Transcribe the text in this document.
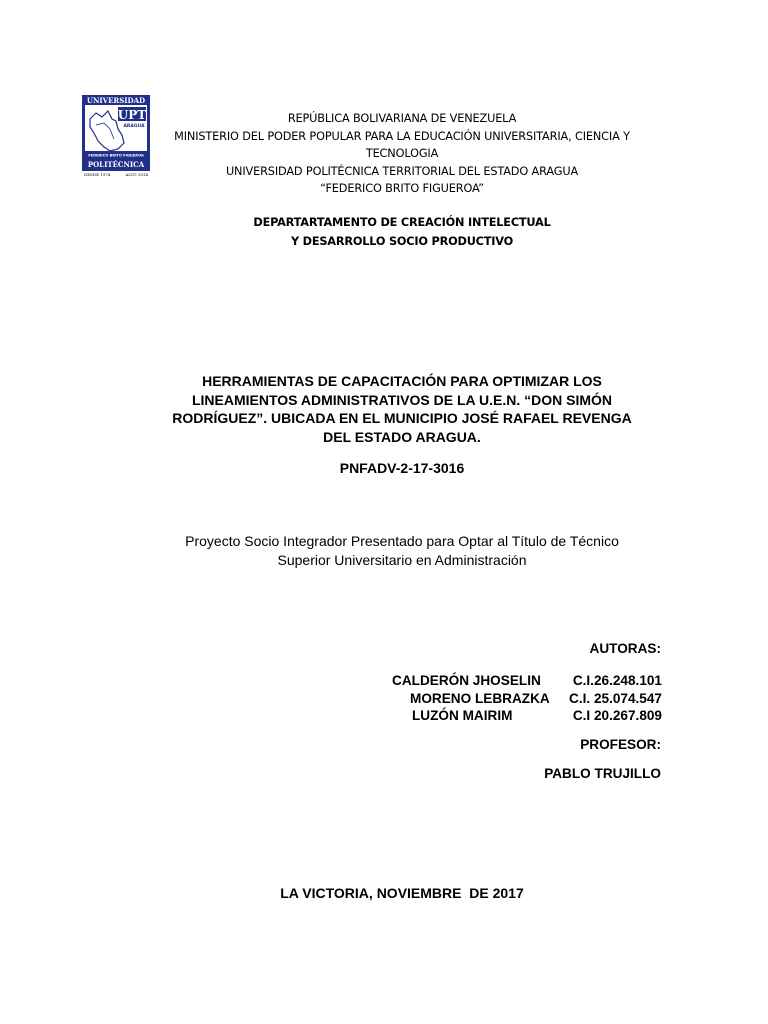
UNIVERSIDAD
UPT
ARAGUA
FEDERICO BRITO FIGUEROA
POLITÉCNICA
DESDE 1974	ALTO 2014
REPÚBLICA BOLIVARIANA DE VENEZUELA
MINISTERIO DEL PODER POPULAR PARA LA EDUCACIÓN UNIVERSITARIA, CIENCIA Y
TECNOLOGIA
UNIVERSIDAD POLITÉCNICA TERRITORIAL DEL ESTADO ARAGUA
“FEDERICO BRITO FIGUEROA”
DEPARTARTAMENTO DE CREACIÓN INTELECTUAL
Y DESARROLLO SOCIO PRODUCTIVO
HERRAMIENTAS DE CAPACITACIÓN PARA OPTIMIZAR LOS
LINEAMIENTOS ADMINISTRATIVOS DE LA U.E.N. “DON SIMÓN
RODRÍGUEZ”. UBICADA EN EL MUNICIPIO JOSÉ RAFAEL REVENGA
DEL ESTADO ARAGUA.
PNFADV-2-17-3016
Proyecto Socio Integrador Presentado para Optar al Título de Técnico
Superior Universitario en Administración
AUTORAS:
CALDERÓN JHOSELIN C.I.26.248.101
MORENO LEBRAZKA C.I. 25.074.547
LUZÓN MAIRIM	C.I 20.267.809
PROFESOR:
PABLO TRUJILLO
LA VICTORIA, NOVIEMBRE  DE 2017
